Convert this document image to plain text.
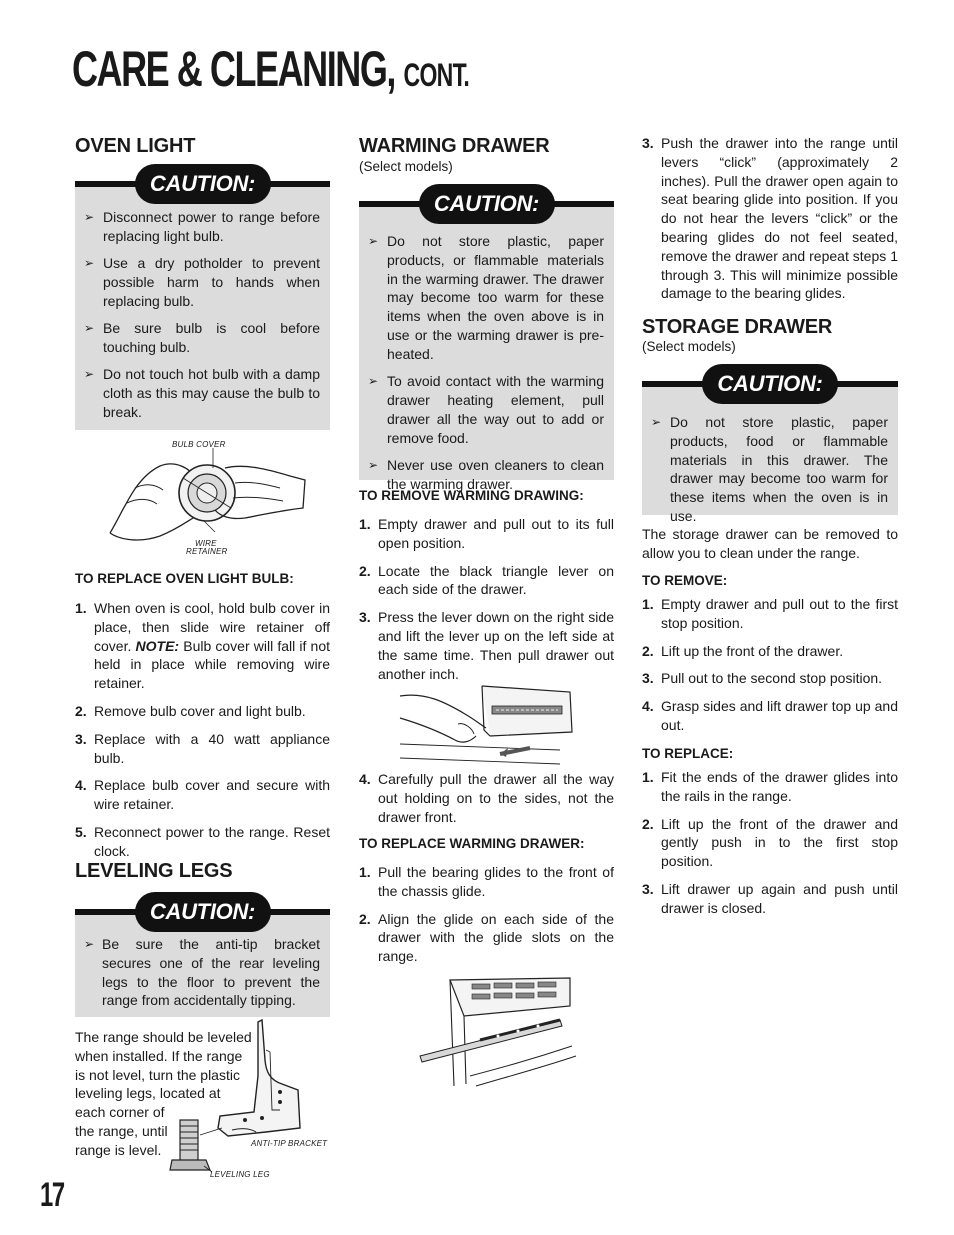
CARE & CLEANING, CONT.
OVEN LIGHT
CAUTION:
➢ Disconnect power to range before replacing light bulb.
➢ Use a dry potholder to prevent possible harm to hands when replacing bulb.
➢ Be sure bulb is cool before touching bulb.
➢ Do not touch hot bulb with a damp cloth as this may cause the bulb to break.
BULB COVER
WIRE
RETAINER
TO REPLACE OVEN LIGHT BULB:
1. When oven is cool, hold bulb cover in place, then slide wire retainer off cover. NOTE: Bulb cover will fall if not held in place while removing wire retainer.
2. Remove bulb cover and light bulb.
3. Replace with a 40 watt appliance bulb.
4. Replace bulb cover and secure with wire retainer.
5. Reconnect power to the range. Reset clock.
LEVELING LEGS
CAUTION:
➢ Be sure the anti-tip bracket secures one of the rear leveling legs to the floor to prevent the range from accidentally tipping.
The range should be leveled
when installed. If the range
is not level, turn the plastic
leveling legs, located at
each corner of
the range, until
range is level.	ANTI-TIP BRACKET
LEVELING LEG
17
WARMING DRAWER
(Select models)
CAUTION:
➢ Do not store plastic, paper products, or flammable materials in the warming drawer. The drawer may become too warm for these items when the oven above is in use or the warming drawer is pre-heated.
➢ To avoid contact with the warming drawer heating element, pull drawer all the way out to add or remove food.
➢ Never use oven cleaners to clean the warming drawer.
TO REMOVE WARMING DRAWING:
1. Empty drawer and pull out to its full open position.
2. Locate the black triangle lever on each side of the drawer.
3. Press the lever down on the right side and lift the lever up on the left side at the same time. Then pull drawer out another inch.
4. Carefully pull the drawer all the way out holding on to the sides, not the drawer front.
TO REPLACE WARMING DRAWER:
1. Pull the bearing glides to the front of the chassis glide.
2. Align the glide on each side of the drawer with the glide slots on the range.
3. Push the drawer into the range until levers “click” (approximately 2 inches). Pull the drawer open again to seat bearing glide into position. If you do not hear the levers “click” or the bearing glides do not feel seated, remove the drawer and repeat steps 1 through 3. This will minimize possible damage to the bearing glides.
STORAGE DRAWER
(Select models)
CAUTION:
➢ Do not store plastic, paper products, food or flammable materials in this drawer. The drawer may become too warm for these items when the oven is in use.
The storage drawer can be removed to allow you to clean under the range.
TO REMOVE:
1. Empty drawer and pull out to the first stop position.
2. Lift up the front of the drawer.
3. Pull out to the second stop position.
4. Grasp sides and lift drawer top up and out.
TO REPLACE:
1. Fit the ends of the drawer glides into the rails in the range.
2. Lift up the front of the drawer and gently push in to the first stop position.
3. Lift drawer up again and push until drawer is closed.
